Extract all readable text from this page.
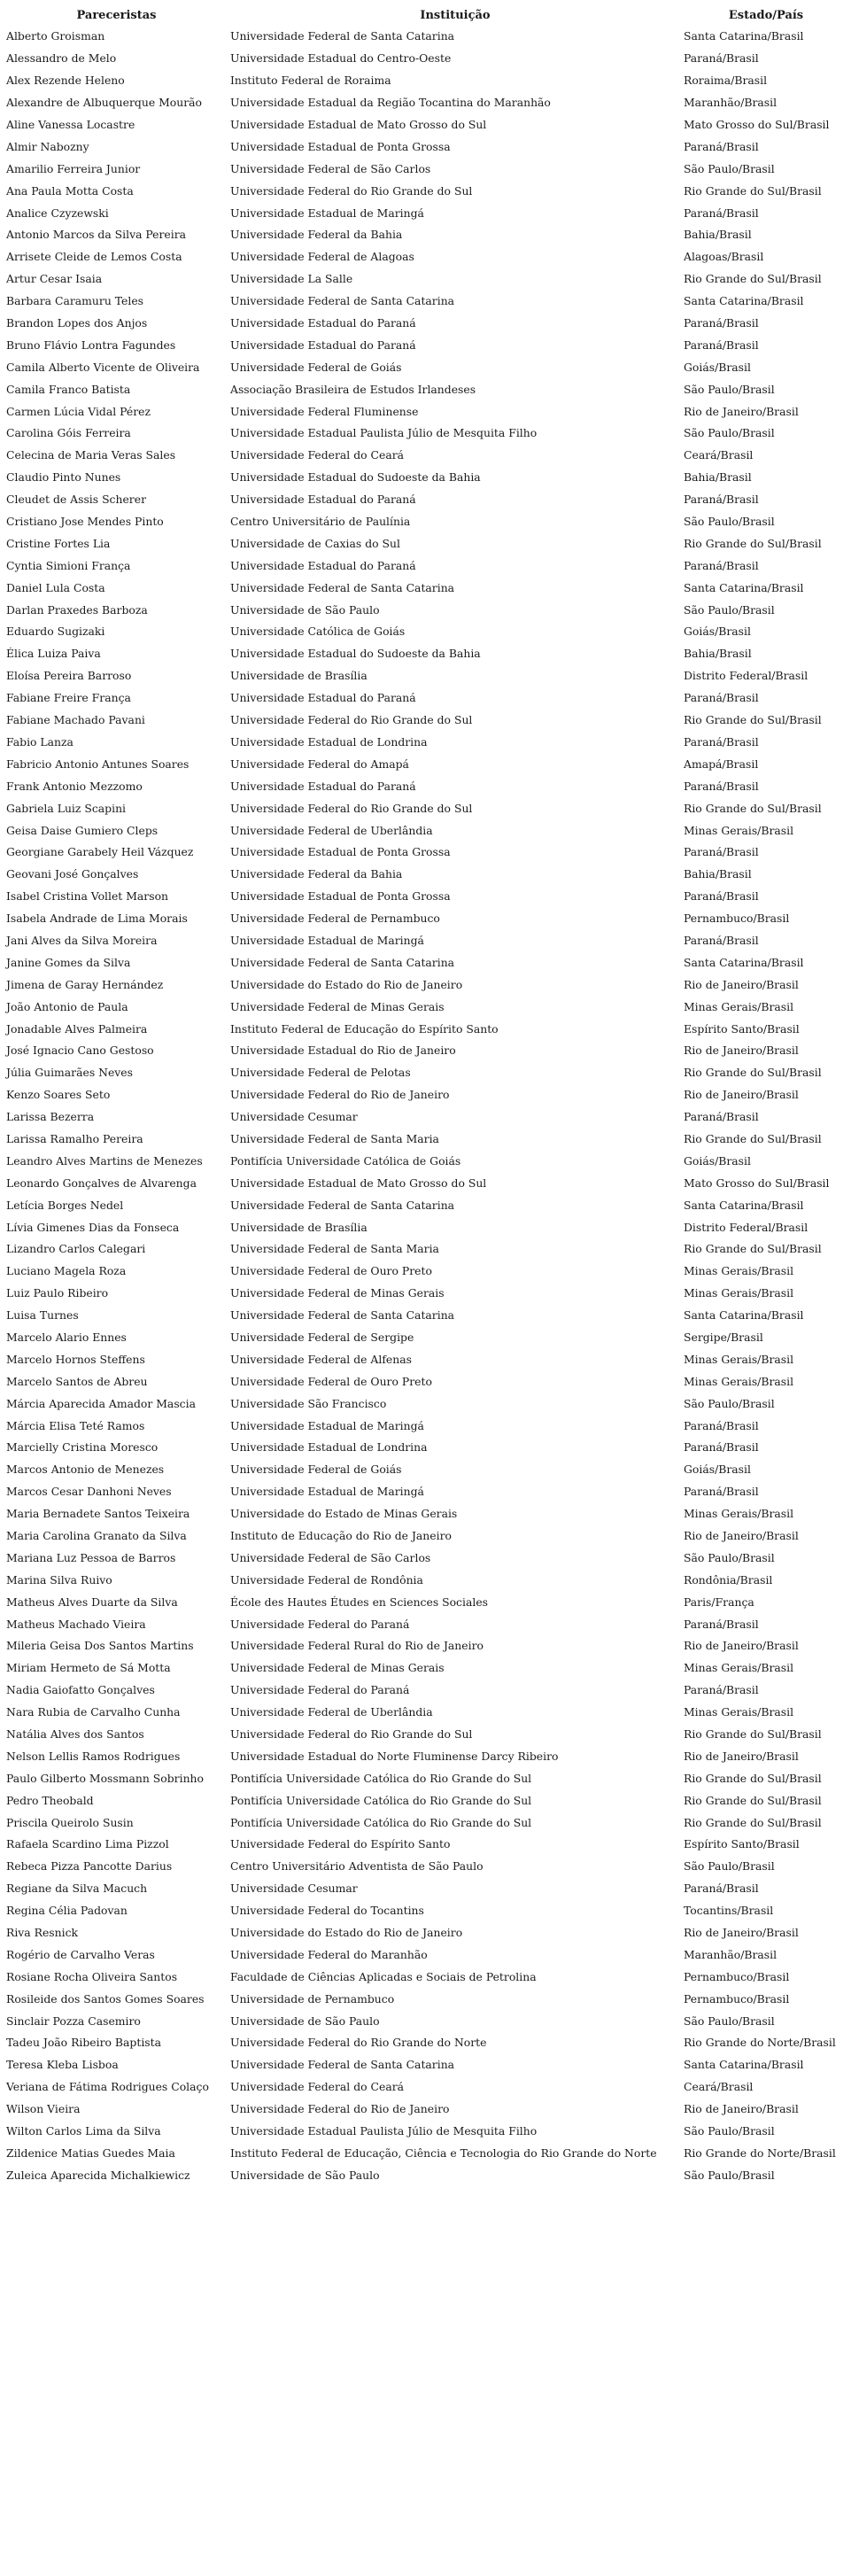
Pareceristas	Instituição	Estado/País
Alberto Groisman	Universidade Federal de Santa Catarina	Santa Catarina/Brasil
Alessandro de Melo	Universidade Estadual do Centro-Oeste	Paraná/Brasil
Alex Rezende Heleno	Instituto Federal de Roraima	Roraima/Brasil
Alexandre de Albuquerque Mourão	Universidade Estadual da Região Tocantina do Maranhão	Maranhão/Brasil
Aline Vanessa Locastre	Universidade Estadual de Mato Grosso do Sul	Mato Grosso do Sul/Brasil
Almir Nabozny	Universidade Estadual de Ponta Grossa	Paraná/Brasil
Amarilio Ferreira Junior	Universidade Federal de São Carlos	São Paulo/Brasil
Ana Paula Motta Costa	Universidade Federal do Rio Grande do Sul	Rio Grande do Sul/Brasil
Analice Czyzewski	Universidade Estadual de Maringá	Paraná/Brasil
Antonio Marcos da Silva Pereira	Universidade Federal da Bahia	Bahia/Brasil
Arrisete Cleide de Lemos Costa	Universidade Federal de Alagoas	Alagoas/Brasil
Artur Cesar Isaia	Universidade La Salle	Rio Grande do Sul/Brasil
Barbara Caramuru Teles	Universidade Federal de Santa Catarina	Santa Catarina/Brasil
Brandon Lopes dos Anjos	Universidade Estadual do Paraná	Paraná/Brasil
Bruno Flávio Lontra Fagundes	Universidade Estadual do Paraná	Paraná/Brasil
Camila Alberto Vicente de Oliveira	Universidade Federal de Goiás	Goiás/Brasil
Camila Franco Batista	Associação Brasileira de Estudos Irlandeses	São Paulo/Brasil
Carmen Lúcia Vidal Pérez	Universidade Federal Fluminense	Rio de Janeiro/Brasil
Carolina Góis Ferreira	Universidade Estadual Paulista Júlio de Mesquita Filho	São Paulo/Brasil
Celecina de Maria Veras Sales	Universidade Federal do Ceará	Ceará/Brasil
Claudio Pinto Nunes	Universidade Estadual do Sudoeste da Bahia	Bahia/Brasil
Cleudet de Assis Scherer	Universidade Estadual do Paraná	Paraná/Brasil
Cristiano Jose Mendes Pinto	Centro Universitário de Paulínia	São Paulo/Brasil
Cristine Fortes Lia	Universidade de Caxias do Sul	Rio Grande do Sul/Brasil
Cyntia Simioni França	Universidade Estadual do Paraná	Paraná/Brasil
Daniel Lula Costa	Universidade Federal de Santa Catarina	Santa Catarina/Brasil
Darlan Praxedes Barboza	Universidade de São Paulo	São Paulo/Brasil
Eduardo Sugizaki	Universidade Católica de Goiás	Goiás/Brasil
Élica Luiza Paiva	Universidade Estadual do Sudoeste da Bahia	Bahia/Brasil
Eloísa Pereira Barroso	Universidade de Brasília	Distrito Federal/Brasil
Fabiane Freire França	Universidade Estadual do Paraná	Paraná/Brasil
Fabiane Machado Pavani	Universidade Federal do Rio Grande do Sul	Rio Grande do Sul/Brasil
Fabio Lanza	Universidade Estadual de Londrina	Paraná/Brasil
Fabricio Antonio Antunes Soares	Universidade Federal do Amapá	Amapá/Brasil
Frank Antonio Mezzomo	Universidade Estadual do Paraná	Paraná/Brasil
Gabriela Luiz Scapini	Universidade Federal do Rio Grande do Sul	Rio Grande do Sul/Brasil
Geisa Daise Gumiero Cleps	Universidade Federal de Uberlândia	Minas Gerais/Brasil
Georgiane Garabely Heil Vázquez	Universidade Estadual de Ponta Grossa	Paraná/Brasil
Geovani José Gonçalves	Universidade Federal da Bahia	Bahia/Brasil
Isabel Cristina Vollet Marson	Universidade Estadual de Ponta Grossa	Paraná/Brasil
Isabela Andrade de Lima Morais	Universidade Federal de Pernambuco	Pernambuco/Brasil
Jani Alves da Silva Moreira	Universidade Estadual de Maringá	Paraná/Brasil
Janine Gomes da Silva	Universidade Federal de Santa Catarina	Santa Catarina/Brasil
Jimena de Garay Hernández	Universidade do Estado do Rio de Janeiro	Rio de Janeiro/Brasil
João Antonio de Paula	Universidade Federal de Minas Gerais	Minas Gerais/Brasil
Jonadable Alves Palmeira	Instituto Federal de Educação do Espírito Santo	Espírito Santo/Brasil
José Ignacio Cano Gestoso	Universidade Estadual do Rio de Janeiro	Rio de Janeiro/Brasil
Júlia Guimarães Neves	Universidade Federal de Pelotas	Rio Grande do Sul/Brasil
Kenzo Soares Seto	Universidade Federal do Rio de Janeiro	Rio de Janeiro/Brasil
Larissa Bezerra	Universidade Cesumar	Paraná/Brasil
Larissa Ramalho Pereira	Universidade Federal de Santa Maria	Rio Grande do Sul/Brasil
Leandro Alves Martins de Menezes	Pontifícia Universidade Católica de Goiás	Goiás/Brasil
Leonardo Gonçalves de Alvarenga	Universidade Estadual de Mato Grosso do Sul	Mato Grosso do Sul/Brasil
Letícia Borges Nedel	Universidade Federal de Santa Catarina	Santa Catarina/Brasil
Lívia Gimenes Dias da Fonseca	Universidade de Brasília	Distrito Federal/Brasil
Lizandro Carlos Calegari	Universidade Federal de Santa Maria	Rio Grande do Sul/Brasil
Luciano Magela Roza	Universidade Federal de Ouro Preto	Minas Gerais/Brasil
Luiz Paulo Ribeiro	Universidade Federal de Minas Gerais	Minas Gerais/Brasil
Luisa Turnes	Universidade Federal de Santa Catarina	Santa Catarina/Brasil
Marcelo Alario Ennes	Universidade Federal de Sergipe	Sergipe/Brasil
Marcelo Hornos Steffens	Universidade Federal de Alfenas	Minas Gerais/Brasil
Marcelo Santos de Abreu	Universidade Federal de Ouro Preto	Minas Gerais/Brasil
Márcia Aparecida Amador Mascia	Universidade São Francisco	São Paulo/Brasil
Márcia Elisa Teté Ramos	Universidade Estadual de Maringá	Paraná/Brasil
Marcielly Cristina Moresco	Universidade Estadual de Londrina	Paraná/Brasil
Marcos Antonio de Menezes	Universidade Federal de Goiás	Goiás/Brasil
Marcos Cesar Danhoni Neves	Universidade Estadual de Maringá	Paraná/Brasil
Maria Bernadete Santos Teixeira	Universidade do Estado de Minas Gerais	Minas Gerais/Brasil
Maria Carolina Granato da Silva	Instituto de Educação do Rio de Janeiro	Rio de Janeiro/Brasil
Mariana Luz Pessoa de Barros	Universidade Federal de São Carlos	São Paulo/Brasil
Marina Silva Ruivo	Universidade Federal de Rondônia	Rondônia/Brasil
Matheus Alves Duarte da Silva	École des Hautes Études en Sciences Sociales	Paris/França
Matheus Machado Vieira	Universidade Federal do Paraná	Paraná/Brasil
Mileria Geisa Dos Santos Martins	Universidade Federal Rural do Rio de Janeiro	Rio de Janeiro/Brasil
Miriam Hermeto de Sá Motta	Universidade Federal de Minas Gerais	Minas Gerais/Brasil
Nadia Gaiofatto Gonçalves	Universidade Federal do Paraná	Paraná/Brasil
Nara Rubia de Carvalho Cunha	Universidade Federal de Uberlândia	Minas Gerais/Brasil
Natália Alves dos Santos	Universidade Federal do Rio Grande do Sul	Rio Grande do Sul/Brasil
Nelson Lellis Ramos Rodrigues	Universidade Estadual do Norte Fluminense Darcy Ribeiro	Rio de Janeiro/Brasil
Paulo Gilberto Mossmann Sobrinho	Pontifícia Universidade Católica do Rio Grande do Sul	Rio Grande do Sul/Brasil
Pedro Theobald	Pontifícia Universidade Católica do Rio Grande do Sul	Rio Grande do Sul/Brasil
Priscila Queirolo Susin	Pontifícia Universidade Católica do Rio Grande do Sul	Rio Grande do Sul/Brasil
Rafaela Scardino Lima Pizzol	Universidade Federal do Espírito Santo	Espírito Santo/Brasil
Rebeca Pizza Pancotte Darius	Centro Universitário Adventista de São Paulo	São Paulo/Brasil
Regiane da Silva Macuch	Universidade Cesumar	Paraná/Brasil
Regina Célia Padovan	Universidade Federal do Tocantins	Tocantins/Brasil
Riva Resnick	Universidade do Estado do Rio de Janeiro	Rio de Janeiro/Brasil
Rogério de Carvalho Veras	Universidade Federal do Maranhão	Maranhão/Brasil
Rosiane Rocha Oliveira Santos	Faculdade de Ciências Aplicadas e Sociais de Petrolina	Pernambuco/Brasil
Rosileide dos Santos Gomes Soares	Universidade de Pernambuco	Pernambuco/Brasil
Sinclair Pozza Casemiro	Universidade de São Paulo	São Paulo/Brasil
Tadeu João Ribeiro Baptista	Universidade Federal do Rio Grande do Norte	Rio Grande do Norte/Brasil
Teresa Kleba Lisboa	Universidade Federal de Santa Catarina	Santa Catarina/Brasil
Veriana de Fátima Rodrigues Colaço	Universidade Federal do Ceará	Ceará/Brasil
Wilson Vieira	Universidade Federal do Rio de Janeiro	Rio de Janeiro/Brasil
Wilton Carlos Lima da Silva	Universidade Estadual Paulista Júlio de Mesquita Filho	São Paulo/Brasil
Zildenice Matias Guedes Maia	Instituto Federal de Educação, Ciência e Tecnologia do Rio Grande do Norte	Rio Grande do Norte/Brasil
Zuleica Aparecida Michalkiewicz	Universidade de São Paulo	São Paulo/Brasil
